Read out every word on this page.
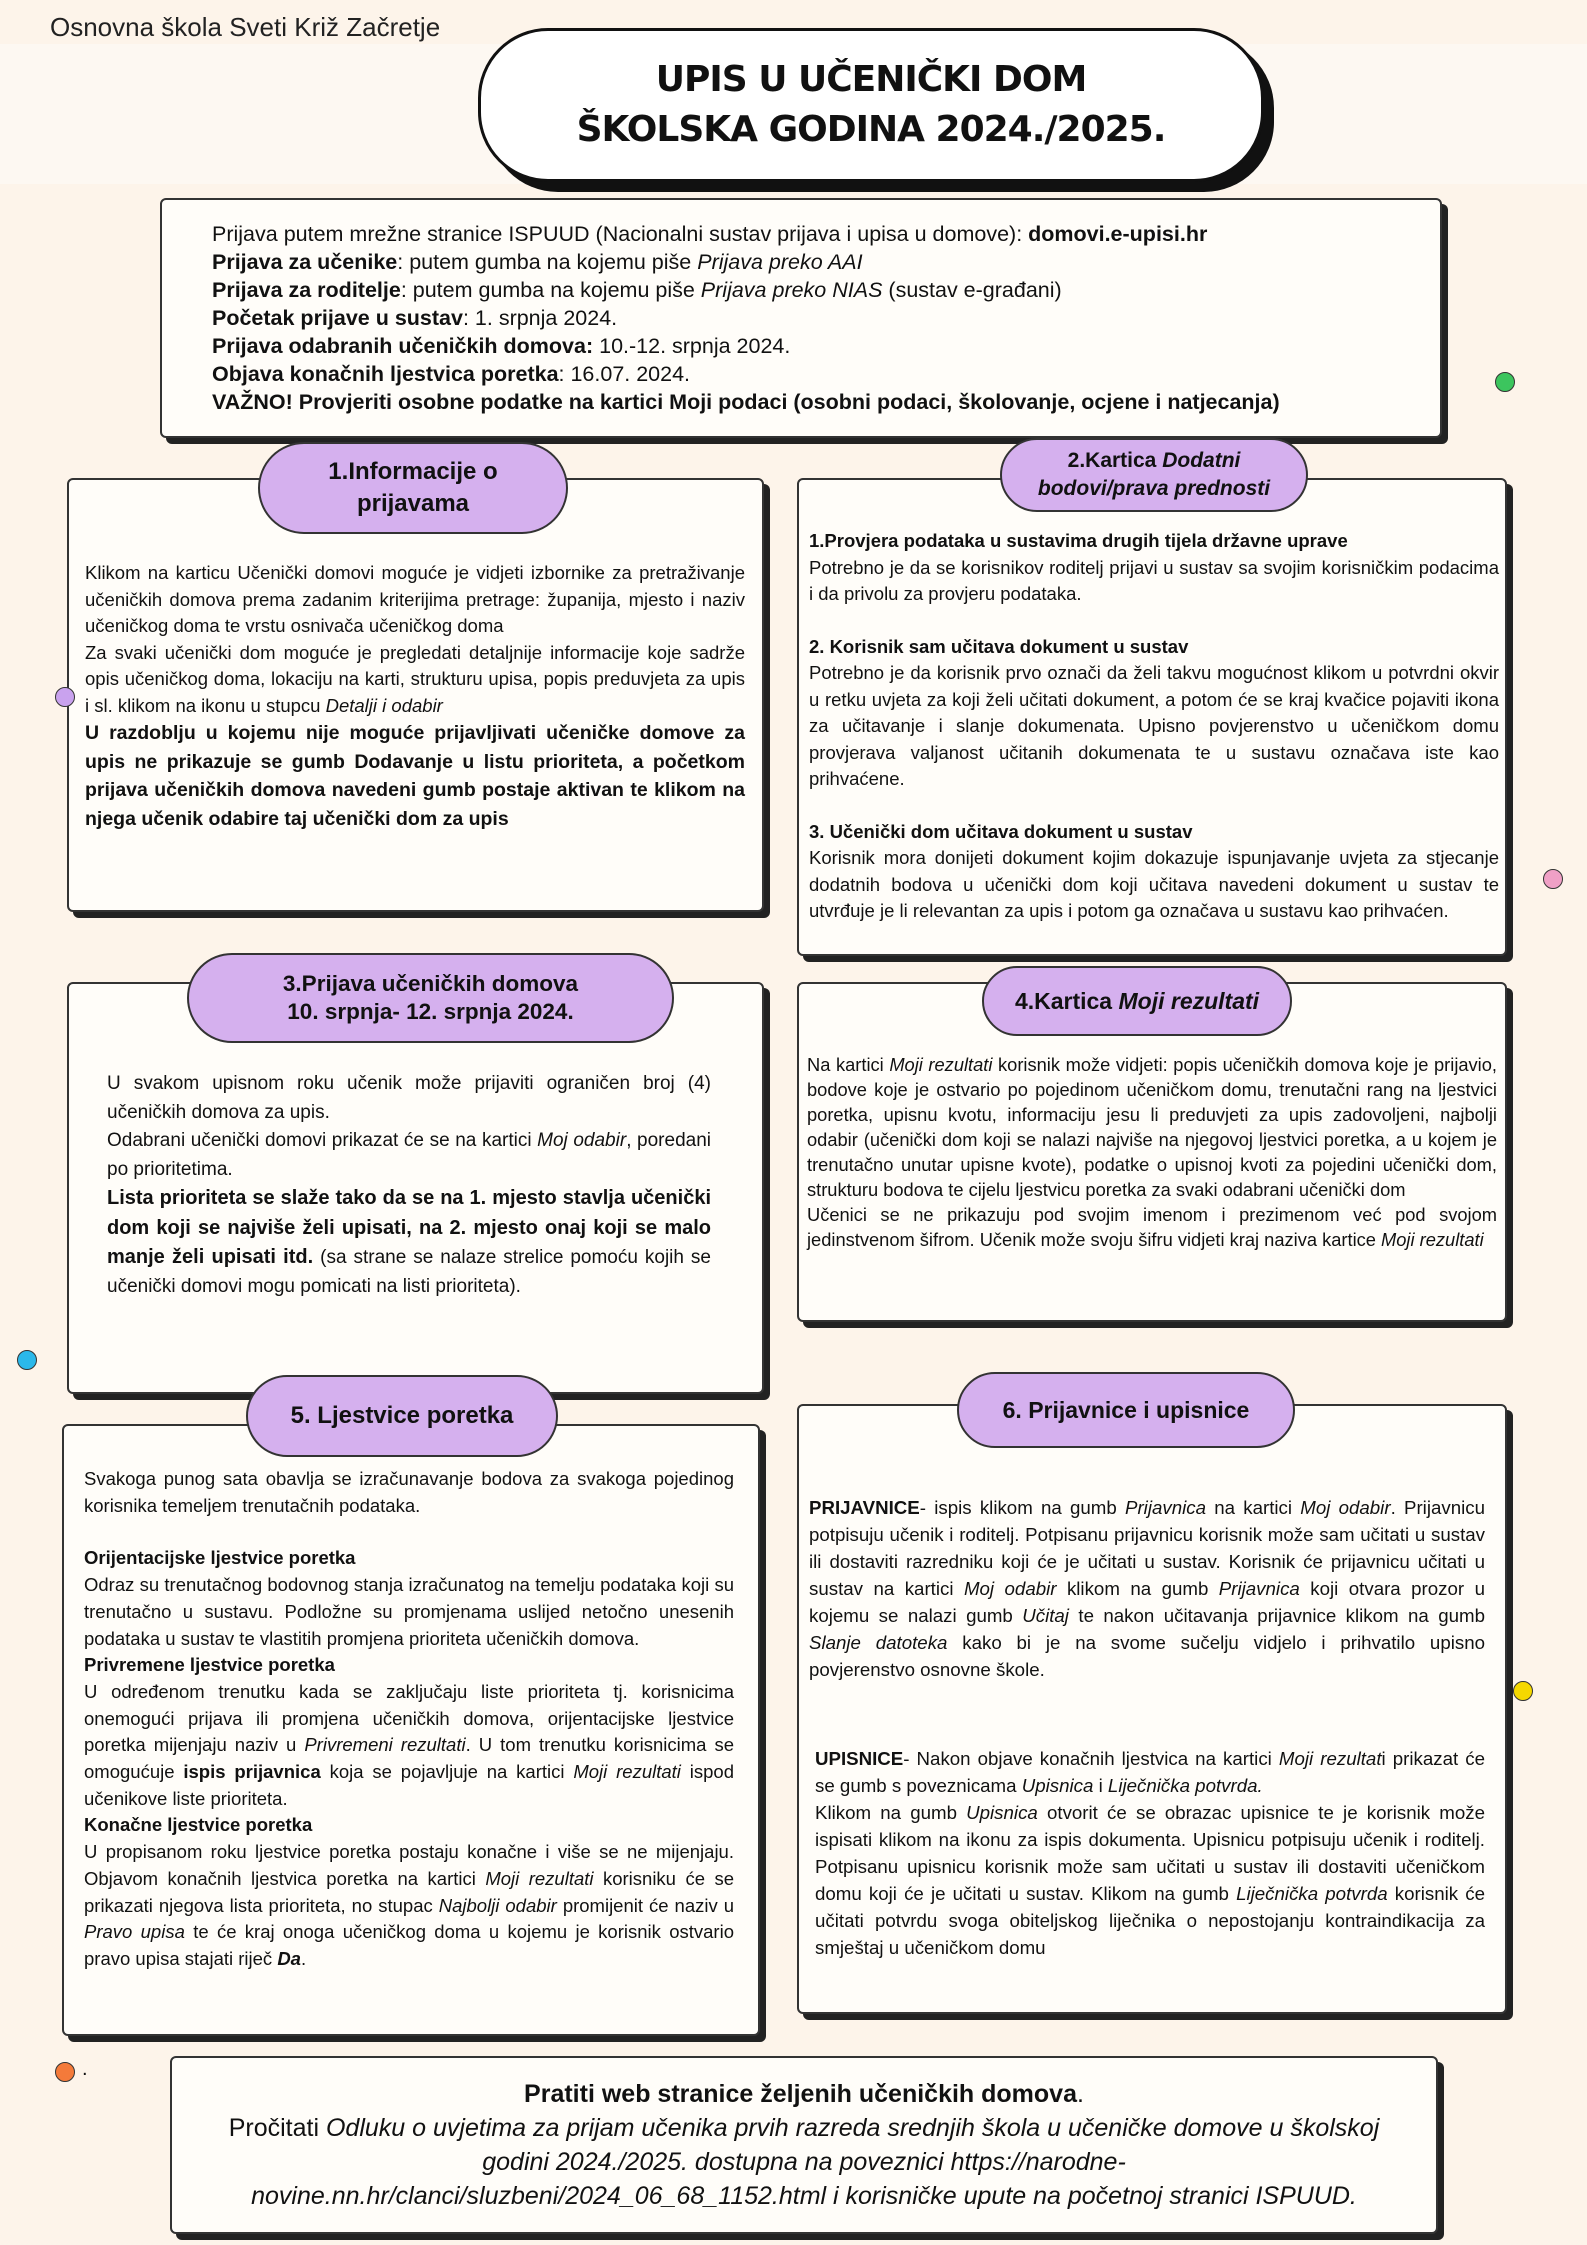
Osnovna škola Sveti Križ Začretje
UPIS U UČENIČKI DOM
ŠKOLSKA GODINA 2024./2025.

Prijava putem mrežne stranice ISPUUD (Nacionalni sustav prijava i upisa u domove): domovi.e-upisi.hr

Prijava za učenike: putem gumba na kojemu piše Prijava preko AAI

Prijava za roditelje: putem gumba na kojemu piše Prijava preko NIAS (sustav e-građani)

Početak prijave u sustav: 1. srpnja 2024.

Prijava odabranih učeničkih domova: 10.-12. srpnja 2024.

Objava konačnih ljestvica poretka: 16.07. 2024.

VAŽNO! Provjeriti osobne podatke na kartici Moji podaci (osobni podaci, školovanje, ocjene i natjecanja)

Klikom na karticu Učenički domovi moguće je vidjeti izbornike za pretraživanje učeničkih domova prema zadanim kriterijima pretrage: županija, mjesto i naziv učeničkog doma te vrstu osnivača učeničkog doma

Za svaki učenički dom moguće je pregledati detaljnije informacije koje sadrže opis učeničkog doma, lokaciju na karti, strukturu upisa, popis preduvjeta za upis i sl. klikom na ikonu u stupcu Detalji i odabir

U razdoblju u kojemu nije moguće prijavljivati učeničke domove za upis ne prikazuje se gumb Dodavanje u listu prioriteta, a početkom prijava učeničkih domova navedeni gumb postaje aktivan te klikom na njega učenik odabire taj učenički dom za upis

1.Informacije o
prijavama

1.Provjera podataka u sustavima drugih tijela državne uprave

Potrebno je da se korisnikov roditelj prijavi u sustav sa svojim korisničkim podacima i da privolu za provjeru podataka.

2. Korisnik sam učitava dokument u sustav

Potrebno je da korisnik prvo označi da želi takvu mogućnost klikom u potvrdni okvir u retku uvjeta za koji želi učitati dokument, a potom će se kraj kvačice pojaviti ikona za učitavanje i slanje dokumenata. Upisno povjerenstvo u učeničkom domu provjerava valjanost učitanih dokumenata te u sustavu označava iste kao prihvaćene.

3. Učenički dom učitava dokument u sustav

Korisnik mora donijeti dokument kojim dokazuje ispunjavanje uvjeta za stjecanje dodatnih bodova u učenički dom koji učitava navedeni dokument u sustav te utvrđuje je li relevantan za upis i potom ga označava u sustavu kao prihvaćen.

2.Kartica Dodatni
bodovi/prava prednosti

U svakom upisnom roku učenik može prijaviti ograničen broj (4) učeničkih domova za upis.

Odabrani učenički domovi prikazat će se na kartici Moj odabir, poredani po prioritetima.

Lista prioriteta se slaže tako da se na 1. mjesto stavlja učenički dom koji se najviše želi upisati, na 2. mjesto onaj koji se malo manje želi upisati itd. (sa strane se nalaze strelice pomoću kojih se učenički domovi mogu pomicati na listi prioriteta).

3.Prijava učeničkih domova
10. srpnja- 12. srpnja 2024.

Na kartici Moji rezultati korisnik može vidjeti: popis učeničkih domova koje je prijavio, bodove koje je ostvario po pojedinom učeničkom domu, trenutačni rang na ljestvici poretka, upisnu kvotu, informaciju jesu li preduvjeti za upis zadovoljeni, najbolji odabir (učenički dom koji se nalazi najviše na njegovoj ljestvici poretka, a u kojem je trenutačno unutar upisne kvote), podatke o upisnoj kvoti za pojedini učenički dom, strukturu bodova te cijelu ljestvicu poretka za svaki odabrani učenički dom

Učenici se ne prikazuju pod svojim imenom i prezimenom već pod svojom jedinstvenom šifrom. Učenik može svoju šifru vidjeti kraj naziva kartice Moji rezultati

4.Kartica Moji rezultati

Svakoga punog sata obavlja se izračunavanje bodova za svakoga pojedinog korisnika temeljem trenutačnih podataka.

Orijentacijske ljestvice poretka

Odraz su trenutačnog bodovnog stanja izračunatog na temelju podataka koji su trenutačno u sustavu. Podložne su promjenama uslijed netočno unesenih podataka u sustav te vlastitih promjena prioriteta učeničkih domova.

Privremene ljestvice poretka

U određenom trenutku kada se zaključaju liste prioriteta tj. korisnicima onemogući prijava ili promjena učeničkih domova, orijentacijske ljestvice poretka mijenjaju naziv u Privremeni rezultati. U tom trenutku korisnicima se omogućuje ispis prijavnica koja se pojavljuje na kartici Moji rezultati ispod učenikove liste prioriteta.

Konačne ljestvice poretka

U propisanom roku ljestvice poretka postaju konačne i više se ne mijenjaju. Objavom konačnih ljestvica poretka na kartici Moji rezultati korisniku će se prikazati njegova lista prioriteta, no stupac Najbolji odabir promijenit će naziv u Pravo upisa te će kraj onoga učeničkog doma u kojemu je korisnik ostvario pravo upisa stajati riječ Da.

5. Ljestvice poretka

PRIJAVNICE- ispis klikom na gumb Prijavnica na kartici Moj odabir. Prijavnicu potpisuju učenik i roditelj. Potpisanu prijavnicu korisnik može sam učitati u sustav ili dostaviti razredniku koji će je učitati u sustav. Korisnik će prijavnicu učitati u sustav na kartici Moj odabir klikom na gumb Prijavnica koji otvara prozor u kojemu se nalazi gumb Učitaj te nakon učitavanja prijavnice klikom na gumb Slanje datoteka kako bi je na svome sučelju vidjelo i prihvatilo upisno povjerenstvo osnovne škole.

UPISNICE- Nakon objave konačnih ljestvica na kartici Moji rezultati prikazat će se gumb s poveznicama Upisnica i Liječnička potvrda.
Klikom na gumb Upisnica otvorit će se obrazac upisnice te je korisnik može ispisati klikom na ikonu za ispis dokumenta. Upisnicu potpisuju učenik i roditelj. Potpisanu upisnicu korisnik može sam učitati u sustav ili dostaviti učeničkom domu koji će je učitati u sustav. Klikom na gumb Liječnička potvrda korisnik će učitati potvrdu svoga obiteljskog liječnika o nepostojanju kontraindikacija za smještaj u učeničkom domu

6. Prijavnice i upisnice

Pratiti web stranice željenih učeničkih domova.

Pročitati Odluku o uvjetima za prijam učenika prvih razreda srednjih škola u učeničke domove u školskoj godini 2024./2025. dostupna na poveznici https://narodne-novine.nn.hr/clanci/sluzbeni/2024_06_68_1152.html i korisničke upute na početnoj stranici ISPUUD.

.
